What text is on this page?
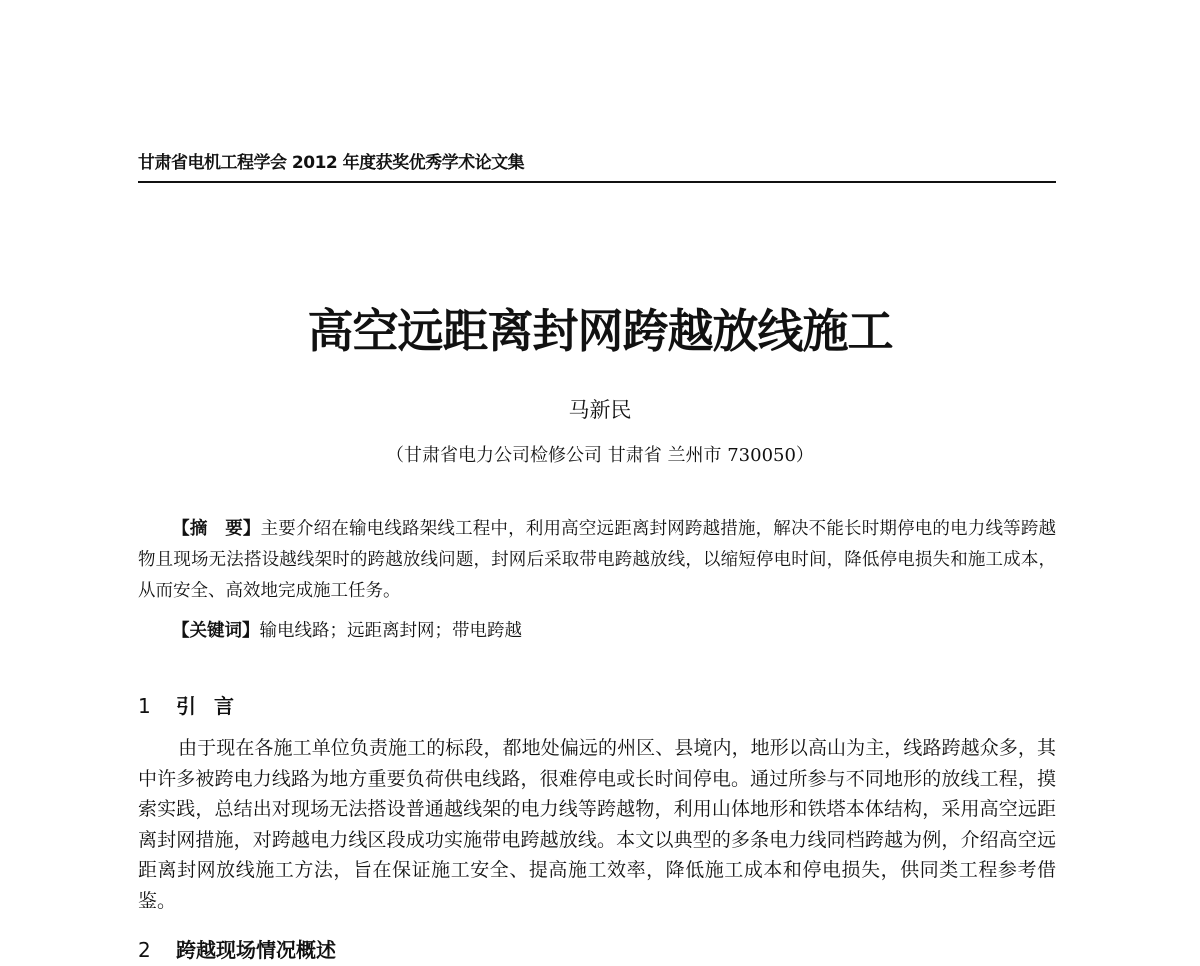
甘肃省电机工程学会 2012 年度获奖优秀学术论文集
高空远距离封网跨越放线施工

马新民

（甘肃省电力公司检修公司 甘肃省 兰州市 730050）

【摘　要】主要介绍在输电线路架线工程中，利用高空远距离封网跨越措施，解决不能长时期停电的电力线等跨越物且现场无法搭设越线架时的跨越放线问题，封网后采取带电跨越放线，以缩短停电时间，降低停电损失和施工成本，从而安全、高效地完成施工任务。

【关键词】输电线路；远距离封网；带电跨越

1 引言

由于现在各施工单位负责施工的标段，都地处偏远的州区、县境内，地形以高山为主，线路跨越众多，其中许多被跨电力线路为地方重要负荷供电线路，很难停电或长时间停电。通过所参与不同地形的放线工程，摸索实践，总结出对现场无法搭设普通越线架的电力线等跨越物，利用山体地形和铁塔本体结构，采用高空远距离封网措施，对跨越电力线区段成功实施带电跨越放线。本文以典型的多条电力线同档跨越为例，介绍高空远距离封网放线施工方法，旨在保证施工安全、提高施工效率，降低施工成本和停电损失，供同类工程参考借鉴。

2 跨越现场情况概述
